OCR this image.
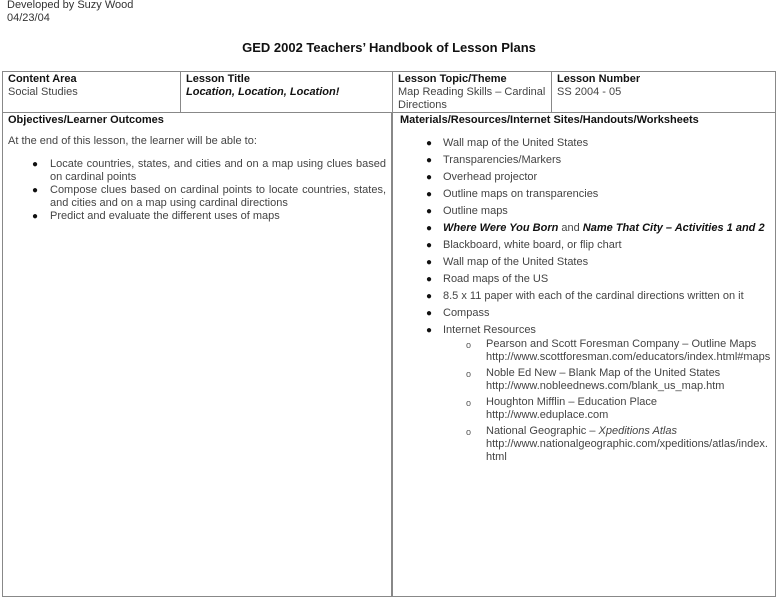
Developed by Suzy Wood
04/23/04
GED 2002 Teachers’ Handbook of Lesson Plans
Content Area
Social Studies
Lesson Title
Location, Location, Location!
Lesson Topic/Theme
Map Reading Skills – Cardinal Directions
Lesson Number
SS 2004 - 05
Objectives/Learner Outcomes
At the end of this lesson, the learner will be able to:
● Locate countries, states, and cities and on a map using clues based on cardinal points
● Compose clues based on cardinal points to locate countries, states, and cities and on a map using cardinal directions
● Predict and evaluate the different uses of maps
Materials/Resources/Internet Sites/Handouts/Worksheets
● Wall map of the United States
● Transparencies/Markers
● Overhead projector
● Outline maps on transparencies
● Outline maps
● Where Were You Born and Name That City – Activities 1 and 2
● Blackboard, white board, or flip chart
● Wall map of the United States
● Road maps of the US
● 8.5 x 11 paper with each of the cardinal directions written on it
● Compass
● Internet Resources
o Pearson and Scott Foresman Company – Outline Maps
http://www.scottforesman.com/educators/index.html#maps
o Noble Ed New – Blank Map of the United States
http://www.nobleednews.com/blank_us_map.htm
o Houghton Mifflin – Education Place
http://www.eduplace.com
o National Geographic – Xpeditions Atlas
http://www.nationalgeographic.com/xpeditions/atlas/index.html
